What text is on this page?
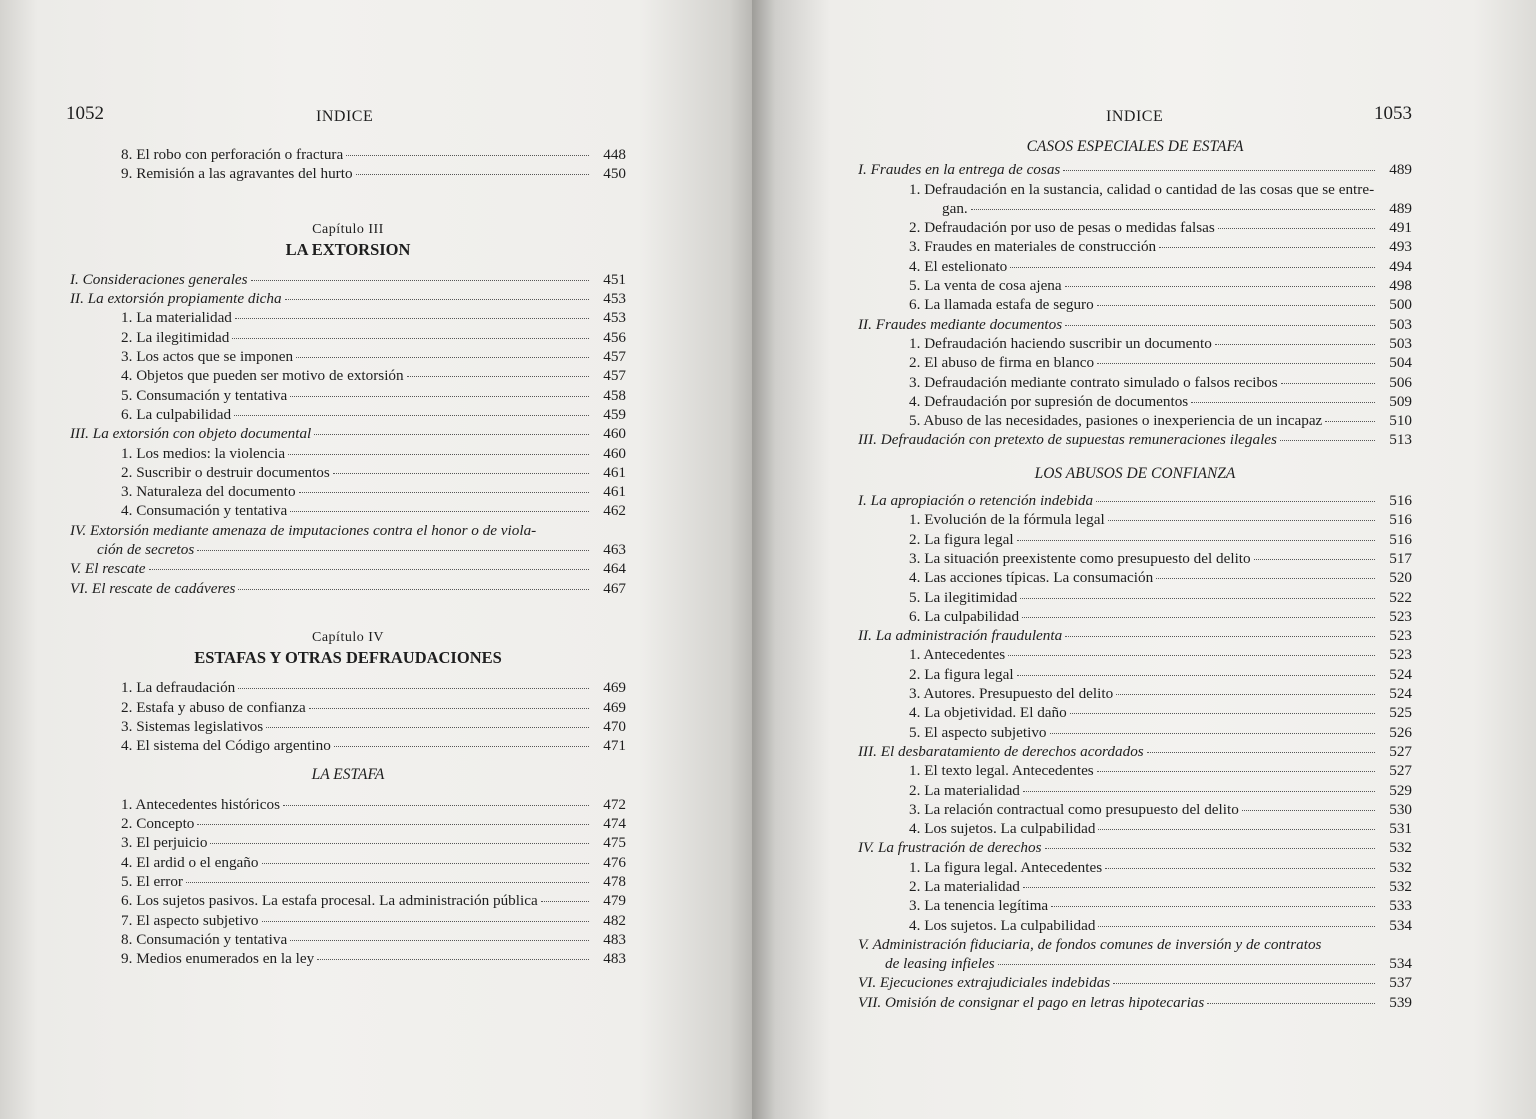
1052	INDICE
8. El robo con perforación o fractura	448
9. Remisión a las agravantes del hurto	450
Capítulo III
LA EXTORSION
I. Consideraciones generales	451
II. La extorsión propiamente dicha	453
1. La materialidad	453
2. La ilegitimidad	456
3. Los actos que se imponen	457
4. Objetos que pueden ser motivo de extorsión	457
5. Consumación y tentativa	458
6. La culpabilidad	459
III. La extorsión con objeto documental	460
1. Los medios: la violencia	460
2. Suscribir o destruir documentos	461
3. Naturaleza del documento	461
4. Consumación y tentativa	462
IV. Extorsión mediante amenaza de imputaciones contra el honor o de viola-
ción de secretos	463
V. El rescate	464
VI. El rescate de cadáveres	467
Capítulo IV
ESTAFAS Y OTRAS DEFRAUDACIONES
1. La defraudación	469
2. Estafa y abuso de confianza	469
3. Sistemas legislativos	470
4. El sistema del Código argentino	471
LA ESTAFA
1. Antecedentes históricos	472
2. Concepto	474
3. El perjuicio	475
4. El ardid o el engaño	476
5. El error	478
6. Los sujetos pasivos. La estafa procesal. La administración pública	479
7. El aspecto subjetivo	482
8. Consumación y tentativa	483
9. Medios enumerados en la ley	483
INDICE	1053
CASOS ESPECIALES DE ESTAFA
I. Fraudes en la entrega de cosas	489
1. Defraudación en la sustancia, calidad o cantidad de las cosas que se entre-
gan.	489
2. Defraudación por uso de pesas o medidas falsas	491
3. Fraudes en materiales de construcción	493
4. El estelionato	494
5. La venta de cosa ajena	498
6. La llamada estafa de seguro	500
II. Fraudes mediante documentos	503
1. Defraudación haciendo suscribir un documento	503
2. El abuso de firma en blanco	504
3. Defraudación mediante contrato simulado o falsos recibos	506
4. Defraudación por supresión de documentos	509
5. Abuso de las necesidades, pasiones o inexperiencia de un incapaz	510
III. Defraudación con pretexto de supuestas remuneraciones ilegales	513
LOS ABUSOS DE CONFIANZA
I. La apropiación o retención indebida	516
1. Evolución de la fórmula legal	516
2. La figura legal	516
3. La situación preexistente como presupuesto del delito	517
4. Las acciones típicas. La consumación	520
5. La ilegitimidad	522
6. La culpabilidad	523
II. La administración fraudulenta	523
1. Antecedentes	523
2. La figura legal	524
3. Autores. Presupuesto del delito	524
4. La objetividad. El daño	525
5. El aspecto subjetivo	526
III. El desbaratamiento de derechos acordados	527
1. El texto legal. Antecedentes	527
2. La materialidad	529
3. La relación contractual como presupuesto del delito	530
4. Los sujetos. La culpabilidad	531
IV. La frustración de derechos	532
1. La figura legal. Antecedentes	532
2. La materialidad	532
3. La tenencia legítima	533
4. Los sujetos. La culpabilidad	534
V. Administración fiduciaria, de fondos comunes de inversión y de contratos
de leasing infieles	534
VI. Ejecuciones extrajudiciales indebidas	537
VII. Omisión de consignar el pago en letras hipotecarias	539
